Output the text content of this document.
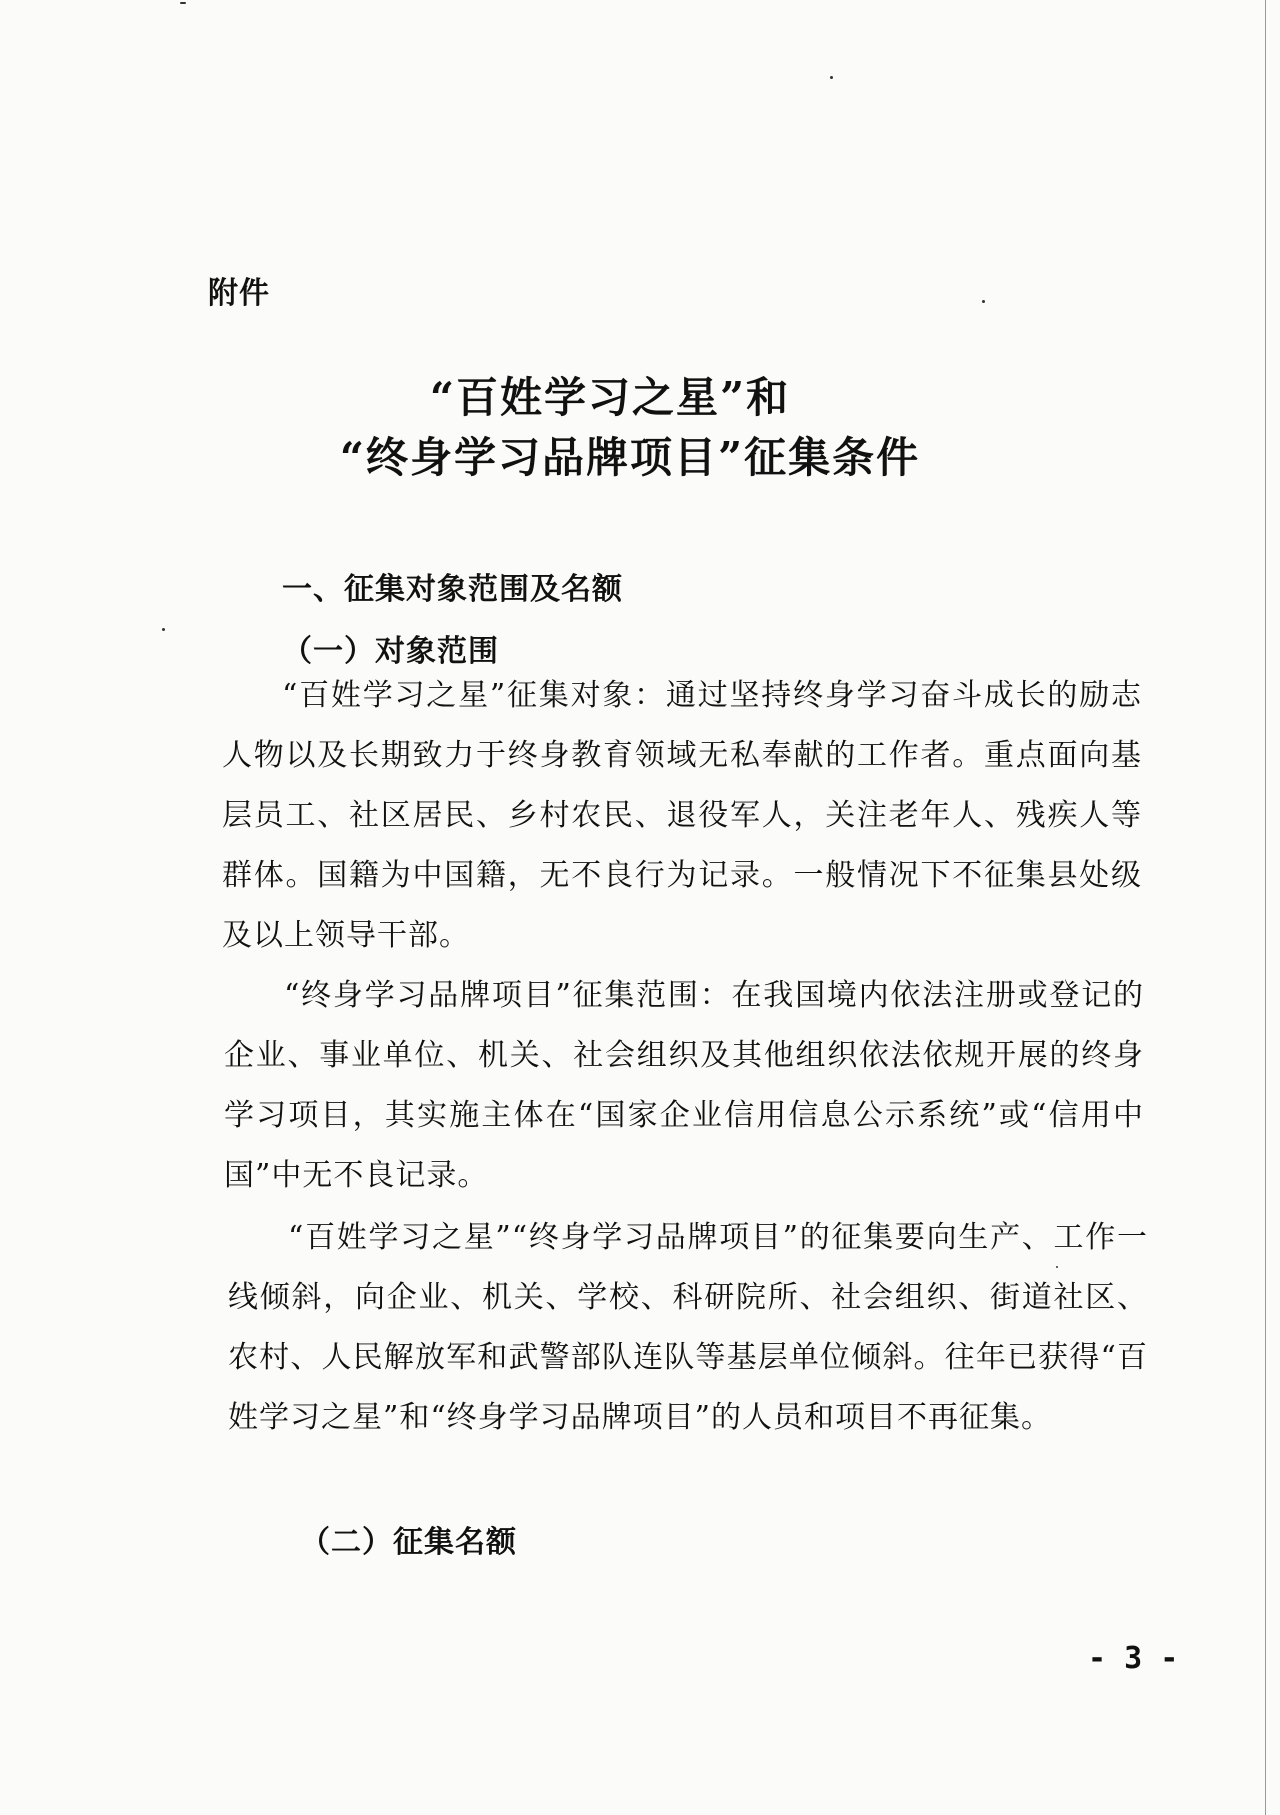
附件
“百姓学习之星”和
“终身学习品牌项目”征集条件
一、征集对象范围及名额
（一）对象范围

“百姓学习之星”征集对象：通过坚持终身学习奋斗成长的励志人物以及长期致力于终身教育领域无私奉献的工作者。重点面向基层员工、社区居民、乡村农民、退役军人，关注老年人、残疾人等群体。国籍为中国籍，无不良行为记录。一般情况下不征集县处级及以上领导干部。

“终身学习品牌项目”征集范围：在我国境内依法注册或登记的企业、事业单位、机关、社会组织及其他组织依法依规开展的终身学习项目，其实施主体在“国家企业信用信息公示系统”或“信用中国”中无不良记录。

“百姓学习之星”“终身学习品牌项目”的征集要向生产、工作一线倾斜，向企业、机关、学校、科研院所、社会组织、街道社区、农村、人民解放军和武警部队连队等基层单位倾斜。往年已获得“百姓学习之星”和“终身学习品牌项目”的人员和项目不再征集。

（二）征集名额
- 3 -
